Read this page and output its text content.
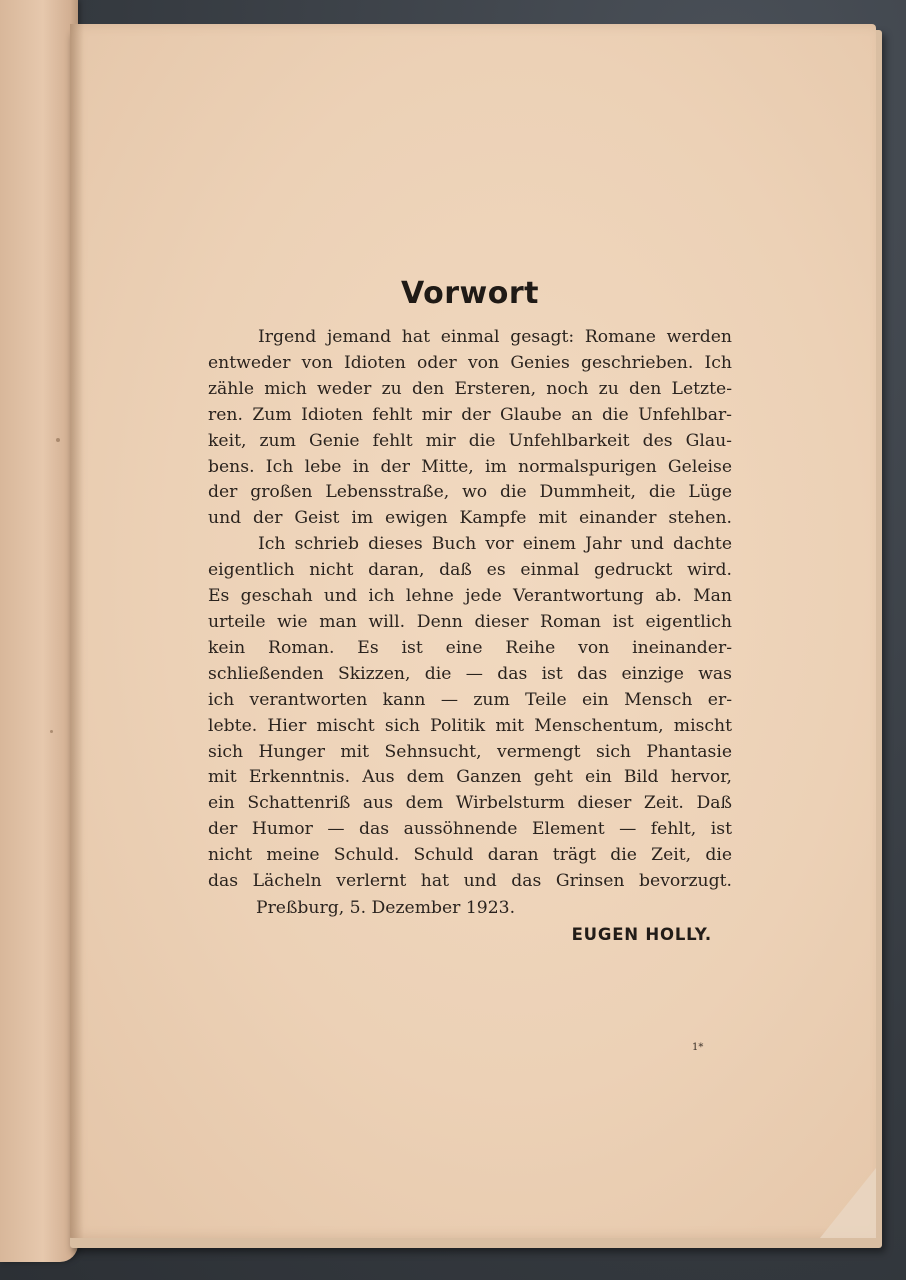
Vorwort
Irgend jemand hat einmal gesagt: Romane werden
entweder von Idioten oder von Genies geschrieben. Ich
zähle mich weder zu den Ersteren, noch zu den Letzte-
ren. Zum Idioten fehlt mir der Glaube an die Unfehlbar-
keit, zum Genie fehlt mir die Unfehlbarkeit des Glau-
bens. Ich lebe in der Mitte, im normalspurigen Geleise
der großen Lebensstraße, wo die Dummheit, die Lüge
und der Geist im ewigen Kampfe mit einander stehen.
Ich schrieb dieses Buch vor einem Jahr und dachte
eigentlich nicht daran, daß es einmal gedruckt wird.
Es geschah und ich lehne jede Verantwortung ab. Man
urteile wie man will. Denn dieser Roman ist eigentlich
kein Roman. Es ist eine Reihe von ineinander-
schließenden Skizzen, die — das ist das einzige was
ich verantworten kann — zum Teile ein Mensch er-
lebte. Hier mischt sich Politik mit Menschentum, mischt
sich Hunger mit Sehnsucht, vermengt sich Phantasie
mit Erkenntnis. Aus dem Ganzen geht ein Bild hervor,
ein Schattenriß aus dem Wirbelsturm dieser Zeit. Daß
der Humor — das aussöhnende Element — fehlt, ist
nicht meine Schuld. Schuld daran trägt die Zeit, die
das Lächeln verlernt hat und das Grinsen bevorzugt.

Preßburg, 5. Dezember 1923.

EUGEN HOLLY.

1*
